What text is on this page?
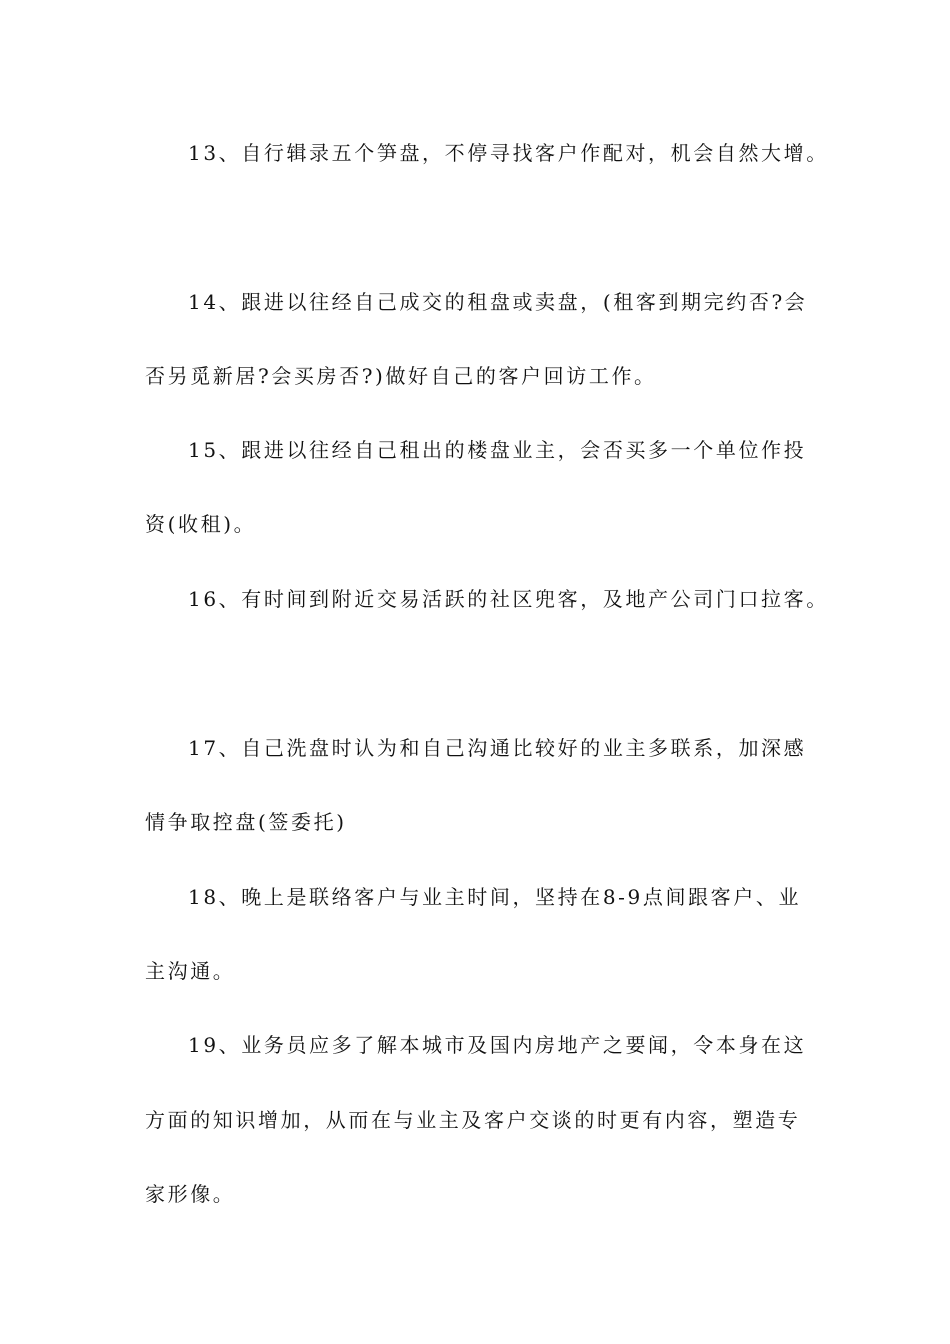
13、自行辑录五个笋盘，不停寻找客户作配对，机会自然大增。
14、跟进以往经自己成交的租盘或卖盘，(租客到期完约否?会
否另觅新居?会买房否?)做好自己的客户回访工作。
15、跟进以往经自己租出的楼盘业主，会否买多一个单位作投
资(收租)。
16、有时间到附近交易活跃的社区兜客，及地产公司门口拉客。
17、自己洗盘时认为和自己沟通比较好的业主多联系，加深感
情争取控盘(签委托)
18、晚上是联络客户与业主时间，坚持在8-9点间跟客户、业
主沟通。
19、业务员应多了解本城市及国内房地产之要闻，令本身在这
方面的知识增加，从而在与业主及客户交谈的时更有内容，塑造专
家形像。
